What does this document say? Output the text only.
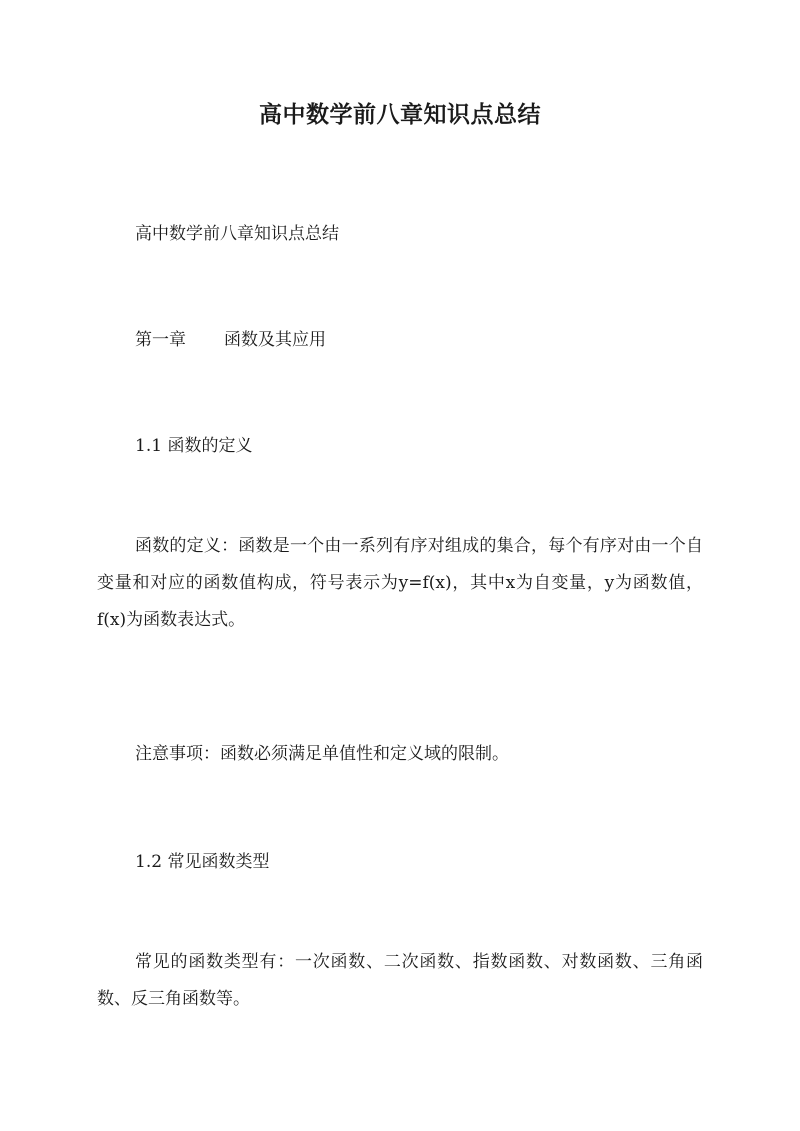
高中数学前八章知识点总结

高中数学前八章知识点总结

第一章 函数及其应用

1.1 函数的定义

函数的定义：函数是一个由一系列有序对组成的集合，每个有序对由一个自变量和对应的函数值构成，符号表示为y=f(x)，其中x为自变量，y为函数值，f(x)为函数表达式。

注意事项：函数必须满足单值性和定义域的限制。

1.2 常见函数类型

常见的函数类型有：一次函数、二次函数、指数函数、对数函数、三角函数、反三角函数等。
